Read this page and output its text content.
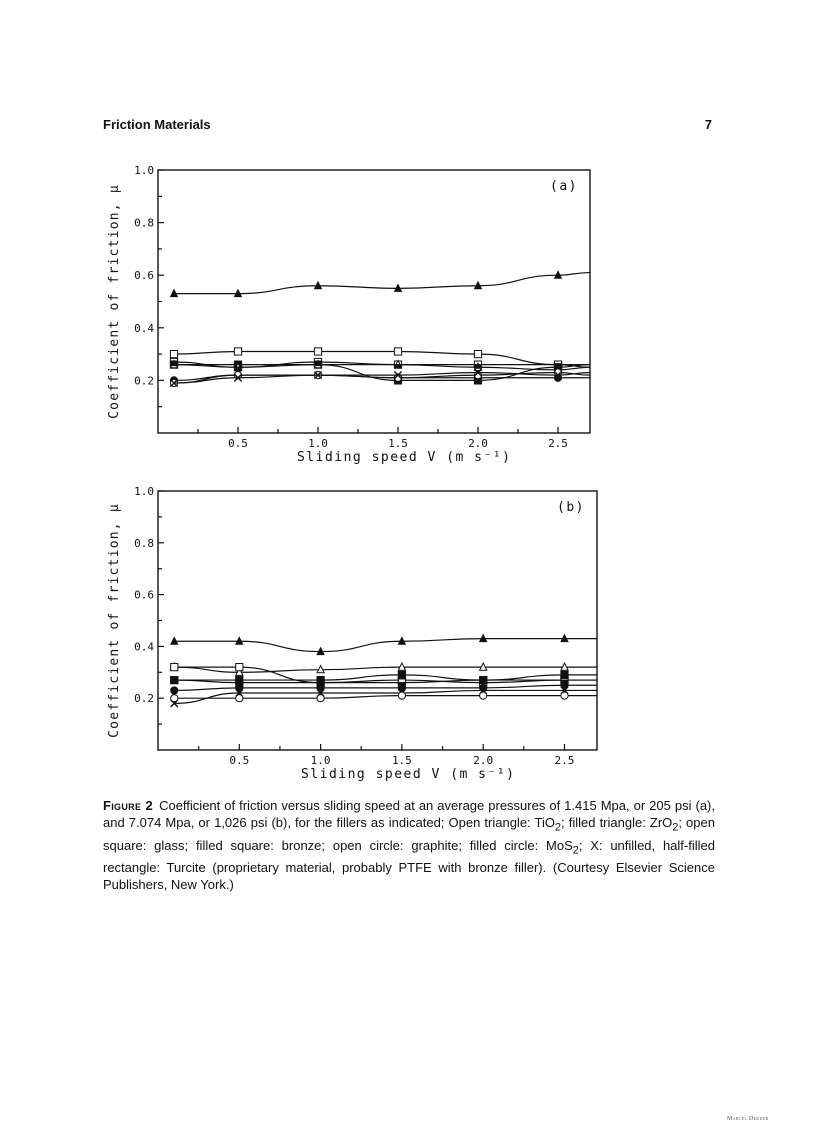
Friction Materials	7
0.2
0.4
0.6
0.8
1.0
0.5	1.0	1.5	2.0	2.5
Sliding speed V (m s⁻¹)
Coefficient of friction, μ	(a)
0.2
0.4
0.6
0.8
1.0
0.5	1.0	1.5	2.0	2.5
Sliding speed V (m s⁻¹)
Coefficient of friction, μ	(b)
Figure 2 Coefficient of friction versus sliding speed at an average pressures of 1.415 Mpa, or 205 psi (a), and 7.074 Mpa, or 1,026 psi (b), for the fillers as indicated; Open triangle: TiO$_2$; filled triangle: ZrO$_2$; open square: glass; filled square: bronze; open circle: graphite; filled circle: MoS$_2$; X: unfilled, half-filled rectangle: Turcite (proprietary material, probably PTFE with bronze filler). (Courtesy Elsevier Science Publishers, New York.)
Marcel Dekker
